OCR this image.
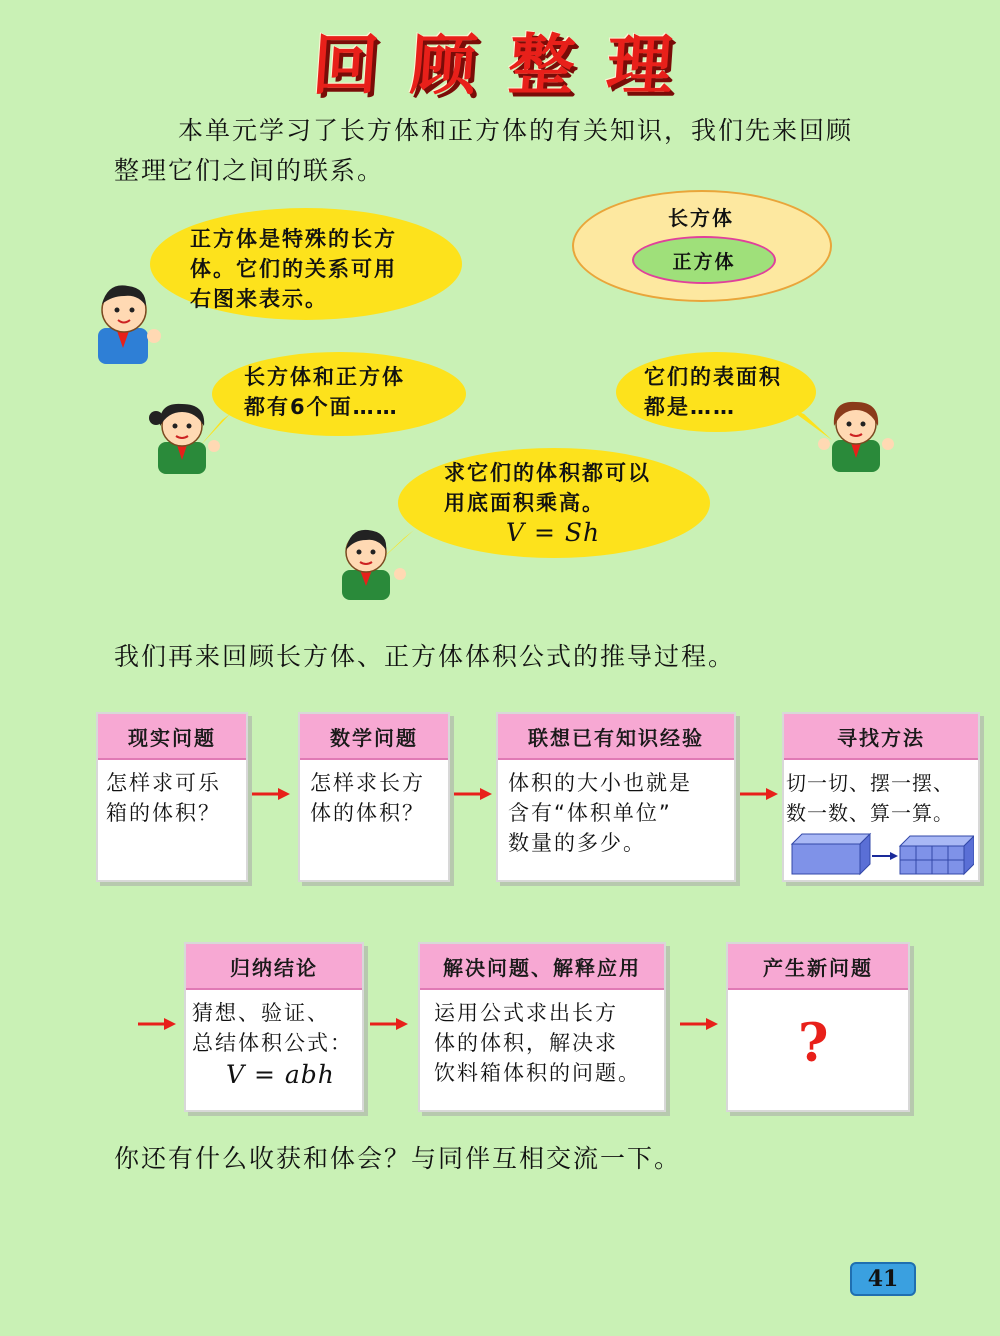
回 顾 整 理
本单元学习了长方体和正方体的有关知识，我们先来回顾
整理它们之间的联系。
长方体
正方体
正方体是特殊的长方
体。它们的关系可用
右图来表示。
长方体和正方体
都有6个面……
它们的表面积
都是……
求它们的体积都可以
用底面积乘高。
V = Sh
我们再来回顾长方体、正方体体积公式的推导过程。
现实问题
怎样求可乐
箱的体积？
数学问题
怎样求长方
体的体积？
联想已有知识经验
体积的大小也就是
含有“体积单位”
数量的多少。
寻找方法
切一切、摆一摆、
数一数、算一算。
归纳结论
猜想、验证、
总结体积公式：
V = abh
解决问题、解释应用
运用公式求出长方
体的体积，解决求
饮料箱体积的问题。
产生新问题
?
你还有什么收获和体会？与同伴互相交流一下。
41
